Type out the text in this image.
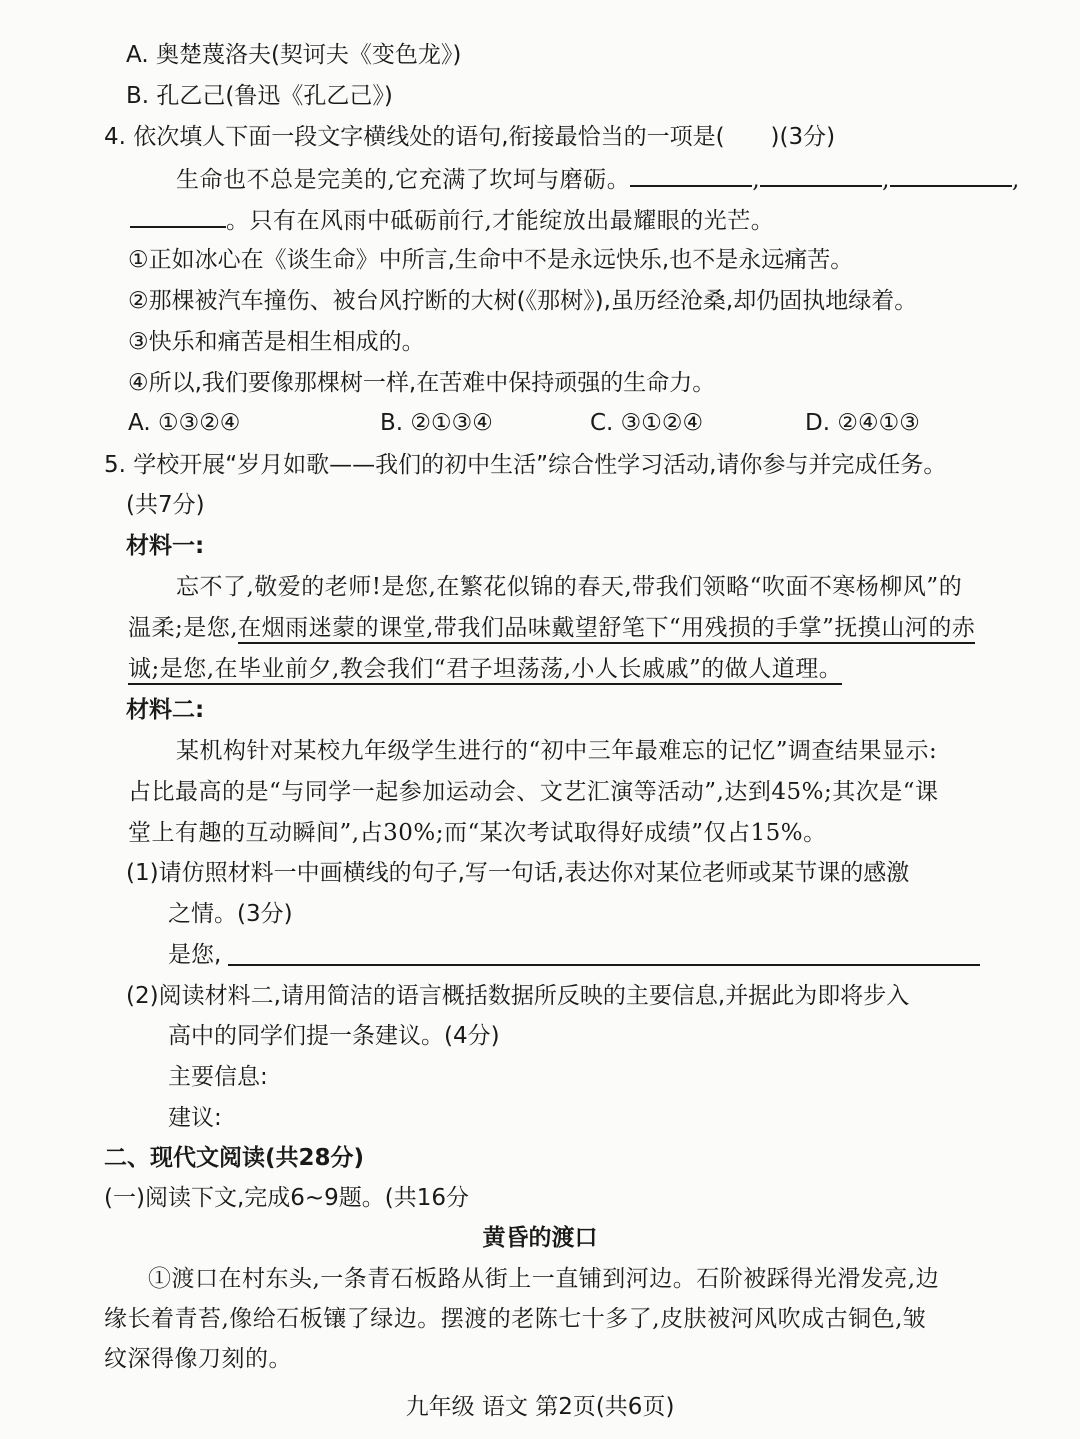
A. 奥楚蔑洛夫(契诃夫《变色龙》)
B. 孔乙己(鲁迅《孔乙己》)
4. 依次填人下面一段文字横线处的语句,衔接最恰当的一项是(　　)(3分)
生命也不总是完美的,它充满了坎坷与磨砺。	,	,	,
。只有在风雨中砥砺前行,才能绽放出最耀眼的光芒。
①正如冰心在《谈生命》中所言,生命中不是永远快乐,也不是永远痛苦。
②那棵被汽车撞伤、被台风拧断的大树(《那树》),虽历经沧桑,却仍固执地绿着。
③快乐和痛苦是相生相成的。
④所以,我们要像那棵树一样,在苦难中保持顽强的生命力。
A. ①③②④	B. ②①③④	C. ③①②④	D. ②④①③
5. 学校开展“岁月如歌——我们的初中生活”综合性学习活动,请你参与并完成任务。
(共7分)
材料一:
忘不了,敬爱的老师!是您,在繁花似锦的春天,带我们领略“吹面不寒杨柳风”的
温柔;是您,在烟雨迷蒙的课堂,带我们品味戴望舒笔下“用残损的手掌”抚摸山河的赤
诚;是您,在毕业前夕,教会我们“君子坦荡荡,小人长戚戚”的做人道理。
材料二:
某机构针对某校九年级学生进行的“初中三年最难忘的记忆”调查结果显示:
占比最高的是“与同学一起参加运动会、文艺汇演等活动”,达到45%;其次是“课
堂上有趣的互动瞬间”,占30%;而“某次考试取得好成绩”仅占15%。
(1)请仿照材料一中画横线的句子,写一句话,表达你对某位老师或某节课的感激
之情。(3分)
是您,
(2)阅读材料二,请用简洁的语言概括数据所反映的主要信息,并据此为即将步入
高中的同学们提一条建议。(4分)
主要信息:
建议:
二、现代文阅读(共28分)
(一)阅读下文,完成6~9题。(共16分
黄昏的渡口
①渡口在村东头,一条青石板路从街上一直铺到河边。石阶被踩得光滑发亮,边
缘长着青苔,像给石板镶了绿边。摆渡的老陈七十多了,皮肤被河风吹成古铜色,皱
纹深得像刀刻的。
九年级 语文 第2页(共6页)
